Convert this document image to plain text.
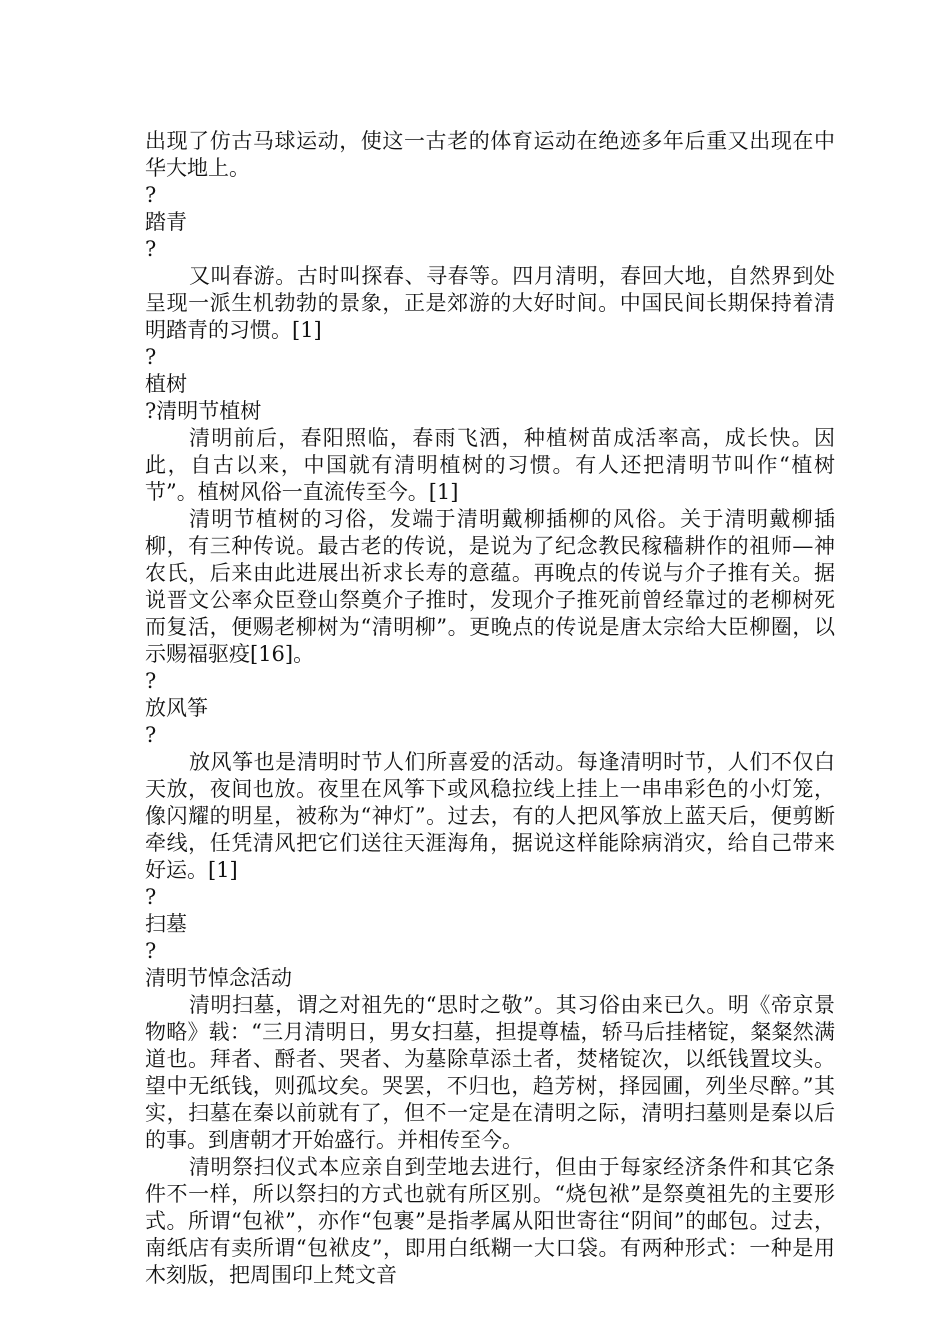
出现了仿古马球运动，使这一古老的体育运动在绝迹多年后重又出现在中华大地上。

?

踏青

?

又叫春游。古时叫探春、寻春等。四月清明，春回大地，自然界到处呈现一派生机勃勃的景象，正是郊游的大好时间。中国民间长期保持着清明踏青的习惯。[1]

?

植树

?清明节植树

清明前后，春阳照临，春雨飞洒，种植树苗成活率高，成长快。因此，自古以来，中国就有清明植树的习惯。有人还把清明节叫作“植树节”。植树风俗一直流传至今。[1]

清明节植树的习俗，发端于清明戴柳插柳的风俗。关于清明戴柳插柳，有三种传说。最古老的传说，是说为了纪念教民稼穑耕作的祖师—神农氏，后来由此进展出祈求长寿的意蕴。再晚点的传说与介子推有关。据说晋文公率众臣登山祭奠介子推时，发现介子推死前曾经靠过的老柳树死而复活，便赐老柳树为“清明柳”。更晚点的传说是唐太宗给大臣柳圈，以示赐福驱疫[16]。

?

放风筝

?

放风筝也是清明时节人们所喜爱的活动。每逢清明时节，人们不仅白天放，夜间也放。夜里在风筝下或风稳拉线上挂上一串串彩色的小灯笼，像闪耀的明星，被称为“神灯”。过去，有的人把风筝放上蓝天后，便剪断牵线，任凭清风把它们送往天涯海角，据说这样能除病消灾，给自己带来好运。[1]

?

扫墓

?

清明节悼念活动

清明扫墓，谓之对祖先的“思时之敬”。其习俗由来已久。明《帝京景物略》载：“三月清明日，男女扫墓，担提尊榼，轿马后挂楮锭，粲粲然满道也。拜者、酹者、哭者、为墓除草添土者，焚楮锭次，以纸钱置坟头。望中无纸钱，则孤坟矣。哭罢，不归也，趋芳树，择园圃，列坐尽醉。”其实，扫墓在秦以前就有了，但不一定是在清明之际，清明扫墓则是秦以后的事。到唐朝才开始盛行。并相传至今。

清明祭扫仪式本应亲自到茔地去进行，但由于每家经济条件和其它条件不一样，所以祭扫的方式也就有所区别。“烧包袱”是祭奠祖先的主要形式。所谓“包袱”，亦作“包裹”是指孝属从阳世寄往“阴间”的邮包。过去，南纸店有卖所谓“包袱皮”，即用白纸糊一大口袋。有两种形式：一种是用木刻版，把周围印上梵文音
